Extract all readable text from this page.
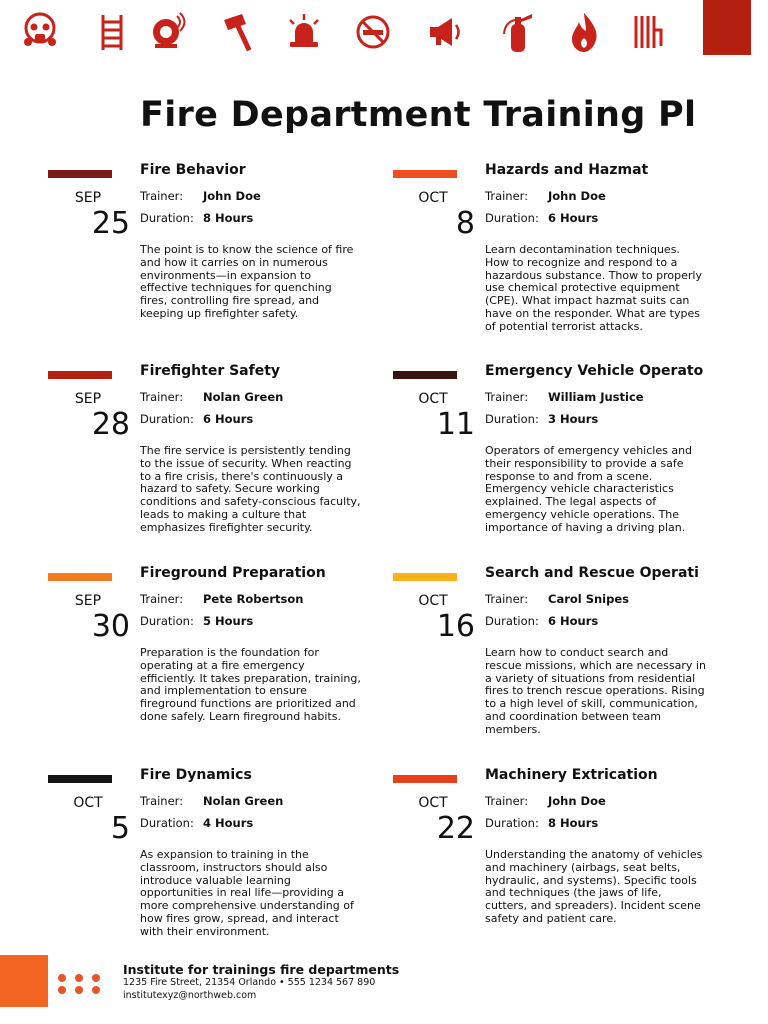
Fire Department Training Pl
SEP
25
Fire Behavior
Trainer: John Doe
Duration: 8 Hours
The point is to know the science of fire and how it carries on in numerous environments—in expansion to effective techniques for quenching fires, controlling fire spread, and keeping up firefighter safety.
OCT
8
Hazards and Hazmat
Trainer: John Doe
Duration: 6 Hours
Learn decontamination techniques. How to recognize and respond to a hazardous substance. Thow to properly use chemical protective equipment (CPE). What impact hazmat suits can have on the responder. What are types of potential terrorist attacks.
SEP
28
Firefighter Safety
Trainer: Nolan Green
Duration: 6 Hours
The fire service is persistently tending to the issue of security. When reacting to a fire crisis, there's continuously a hazard to safety. Secure working conditions and safety-conscious faculty, leads to making a culture that emphasizes firefighter security.
OCT
11
Emergency Vehicle Operato
Trainer: William Justice
Duration: 3 Hours
Operators of emergency vehicles and their responsibility to provide a safe response to and from a scene. Emergency vehicle characteristics explained. The legal aspects of emergency vehicle operations. The importance of having a driving plan.
SEP
30
Fireground Preparation
Trainer: Pete Robertson
Duration: 5 Hours
Preparation is the foundation for operating at a fire emergency efficiently. It takes preparation, training, and implementation to ensure fireground functions are prioritized and done safely. Learn fireground habits.
OCT
16
Search and Rescue Operati
Trainer: Carol Snipes
Duration: 6 Hours
Learn how to conduct search and rescue missions, which are necessary in a variety of situations from residential fires to trench rescue operations. Rising to a high level of skill, communication, and coordination between team members.
OCT
5
Fire Dynamics
Trainer: Nolan Green
Duration: 4 Hours
As expansion to training in the classroom, instructors should also introduce valuable learning opportunities in real life—providing a more comprehensive understanding of how fires grow, spread, and interact with their environment.
OCT
22
Machinery Extrication
Trainer: John Doe
Duration: 8 Hours
Understanding the anatomy of vehicles and machinery (airbags, seat belts, hydraulic, and systems). Specific tools and techniques (the jaws of life, cutters, and spreaders). Incident scene safety and patient care.
Institute for trainings fire departments
1235 Fire Street, 21354 Orlando • 555 1234 567 890
institutexyz@northweb.com
